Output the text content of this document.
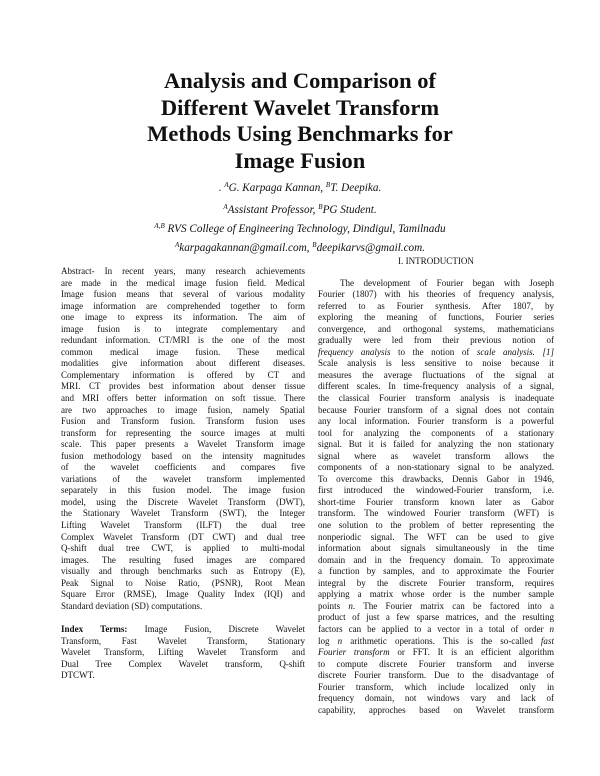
Analysis and Comparison of
Different Wavelet Transform
Methods Using Benchmarks for
Image Fusion
. $^A$G. Karpaga Kannan, $^B$T. Deepika.
$^A$Assistant Professor, $^B$PG Student.
$^{A,B}$ RVS College of Engineering Technology, Dindigul, Tamilnadu
$^A$karpagakannan@gmail.com, $^B$deepikarvs@gmail.com.
I. INTRODUCTION
Abstract- In recent years, many research achievements
are made in the medical image fusion field. Medical
Image fusion means that several of various modality
image information are comprehended together to form
one image to express its information. The aim of
image fusion is to integrate complementary and
redundant information. CT/MRI is the one of the most
common medical image fusion. These medical
modalities give information about different diseases.
Complementary information is offered by CT and
MRI. CT provides best information about denser tissue
and MRI offers better information on soft tissue. There
are two approaches to image fusion, namely Spatial
Fusion and Transform fusion. Transform fusion uses
transform for representing the source images at multi
scale. This paper presents a Wavelet Transform image
fusion methodology based on the intensity magnitudes
of the wavelet coefficients and compares five
variations of the wavelet transform implemented
separately in this fusion model. The image fusion
model, using the Discrete Wavelet Transform (DWT),
the Stationary Wavelet Transform (SWT), the Integer
Lifting Wavelet Transform (ILFT) the dual tree
Complex Wavelet Transform (DT CWT) and dual tree
Q-shift dual tree CWT, is applied to multi-modal
images. The resulting fused images are compared
visually and through benchmarks such as Entropy (E),
Peak Signal to Noise Ratio, (PSNR), Root Mean
Square Error (RMSE), Image Quality Index (IQI) and
Standard deviation (SD) computations.
Index Terms: Image Fusion, Discrete Wavelet
Transform, Fast Wavelet Transform, Stationary
Wavelet Transform, Lifting Wavelet Transform and
Dual Tree Complex Wavelet transform, Q-shift
DTCWT.
The development of Fourier began with Joseph
Fourier (1807) with his theories of frequency analysis,
referred to as Fourier synthesis. After 1807, by
exploring the meaning of functions, Fourier series
convergence, and orthogonal systems, mathematicians
gradually were led from their previous notion of
frequency analysis to the notion of scale analysis. [1]
Scale analysis is less sensitive to noise because it
measures the average fluctuations of the signal at
different scales. In time-frequency analysis of a signal,
the classical Fourier transform analysis is inadequate
because Fourier transform of a signal does not contain
any local information. Fourier transform is a powerful
tool for analyzing the components of a stationary
signal. But it is failed for analyzing the non stationary
signal where as wavelet transform allows the
components of a non-stationary signal to be analyzed.
To overcome this drawbacks, Dennis Gabor in 1946,
first introduced the windowed-Fourier transform, i.e.
short-time Fourier transform known later as Gabor
transform. The windowed Fourier transform (WFT) is
one solution to the problem of better representing the
nonperiodic signal. The WFT can be used to give
information about signals simultaneously in the time
domain and in the frequency domain. To approximate
a function by samples, and to approximate the Fourier
integral by the discrete Fourier transform, requires
applying a matrix whose order is the number sample
points n. The Fourier matrix can be factored into a
product of just a few sparse matrices, and the resulting
factors can be applied to a vector in a total of order n
log n arithmetic operations. This is the so-called fast
Fourier transform or FFT. It is an efficient algorithm
to compute discrete Fourier transform and inverse
discrete Fourier transform. Due to the disadvantage of
Fourier transform, which include localized only in
frequency domain, not windows vary and lack of
capability, approches based on Wavelet transform
